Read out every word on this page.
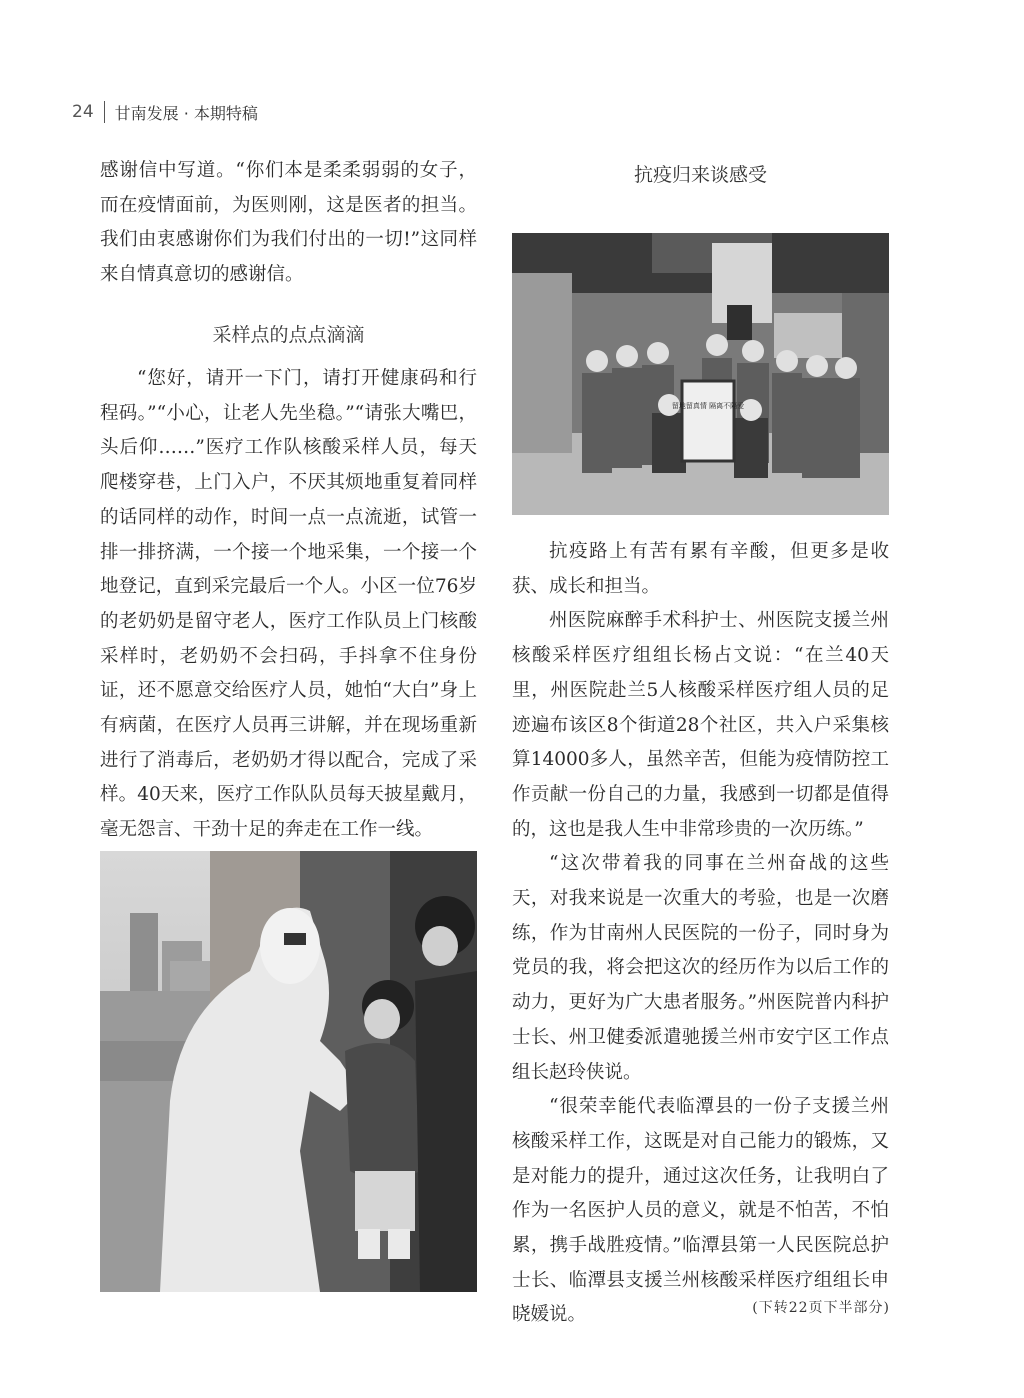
24 甘南发展 · 本期特稿

感谢信中写道。“你们本是柔柔弱弱的女子，而在疫情面前，为医则刚，这是医者的担当。我们由衷感谢你们为我们付出的一切!”这同样来自情真意切的感谢信。

采样点的点点滴滴

“您好，请开一下门，请打开健康码和行程码。”“小心，让老人先坐稳。”“请张大嘴巴，头后仰……”医疗工作队核酸采样人员，每天爬楼穿巷，上门入户，不厌其烦地重复着同样的话同样的动作，时间一点一点流逝，试管一排一排挤满，一个接一个地采集，一个接一个地登记，直到采完最后一个人。小区一位76岁的老奶奶是留守老人，医疗工作队员上门核酸采样时，老奶奶不会扫码，手抖拿不住身份证，还不愿意交给医疗人员，她怕“大白”身上有病菌，在医疗人员再三讲解，并在现场重新进行了消毒后，老奶奶才得以配合，完成了采样。40天来，医疗工作队队员每天披星戴月，毫无怨言、干劲十足的奔走在工作一线。

抗疫归来谈感受
留地留真情 隔离不隔爱

抗疫路上有苦有累有辛酸，但更多是收获、成长和担当。

州医院麻醉手术科护士、州医院支援兰州核酸采样医疗组组长杨占文说：“在兰40天里，州医院赴兰5人核酸采样医疗组人员的足迹遍布该区8个街道28个社区，共入户采集核算14000多人，虽然辛苦，但能为疫情防控工作贡献一份自己的力量，我感到一切都是值得的，这也是我人生中非常珍贵的一次历练。”

“这次带着我的同事在兰州奋战的这些天，对我来说是一次重大的考验，也是一次磨练，作为甘南州人民医院的一份子，同时身为党员的我，将会把这次的经历作为以后工作的动力，更好为广大患者服务。”州医院普内科护士长、州卫健委派遣驰援兰州市安宁区工作点组长赵玲侠说。

“很荣幸能代表临潭县的一份子支援兰州核酸采样工作，这既是对自己能力的锻炼，又是对能力的提升，通过这次任务，让我明白了作为一名医护人员的意义，就是不怕苦，不怕累，携手战胜疫情。”临潭县第一人民医院总护士长、临潭县支援兰州核酸采样医疗组组长申晓媛说。	(下转22页下半部分)
